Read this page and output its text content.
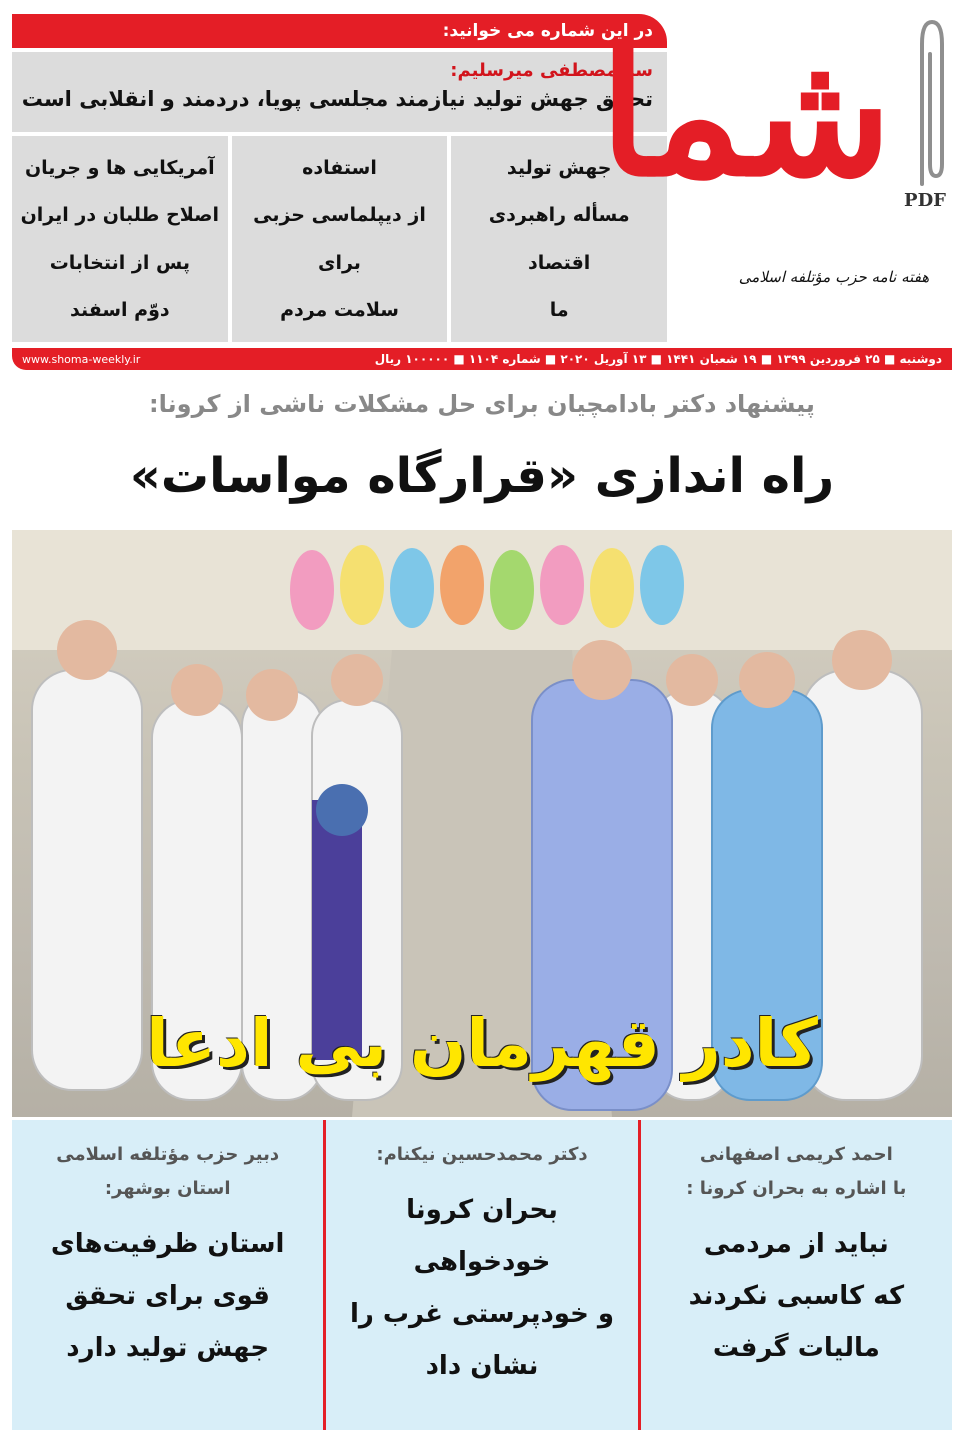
در این شماره می خوانید:
سیدمصطفی میرسلیم:
تحقق جهش تولید نیازمند مجلسی پویا، دردمند و انقلابی است
جهش تولید
مسأله راهبردی
اقتصاد
ما
استفاده
از دیپلماسی حزبی
برای
سلامت مردم
آمریکایی ها و جریان
اصلاح طلبان در ایران
پس از انتخابات
دوّم اسفند
شما
هفته نامه حزب مؤتلفه اسلامی
PDF
دوشنبه ■ ۲۵ فروردین ۱۳۹۹ ■ ۱۹ شعبان ۱۴۴۱ ■ ۱۳ آوریل ۲۰۲۰ ■ شماره ۱۱۰۴ ■ ۱۰۰۰۰۰ ریال
www.shoma-weekly.ir
پیشنهاد دکتر بادامچیان برای حل مشکلات ناشی از کرونا:
راه اندازی «قرارگاه مواسات»
کادر قهرمان بی ادعا
احمد کریمی اصفهانی
با اشاره به بحران کرونا :
نباید از مردمی
که کاسبی نکردند
مالیات گرفت
دکتر محمدحسین نیکنام:
بحران کرونا
خودخواهی
و خودپرستی غرب را
نشان داد
دبیر حزب مؤتلفه اسلامی
استان بوشهر:
استان ظرفیت‌های
قوی برای تحقق
جهش تولید دارد
